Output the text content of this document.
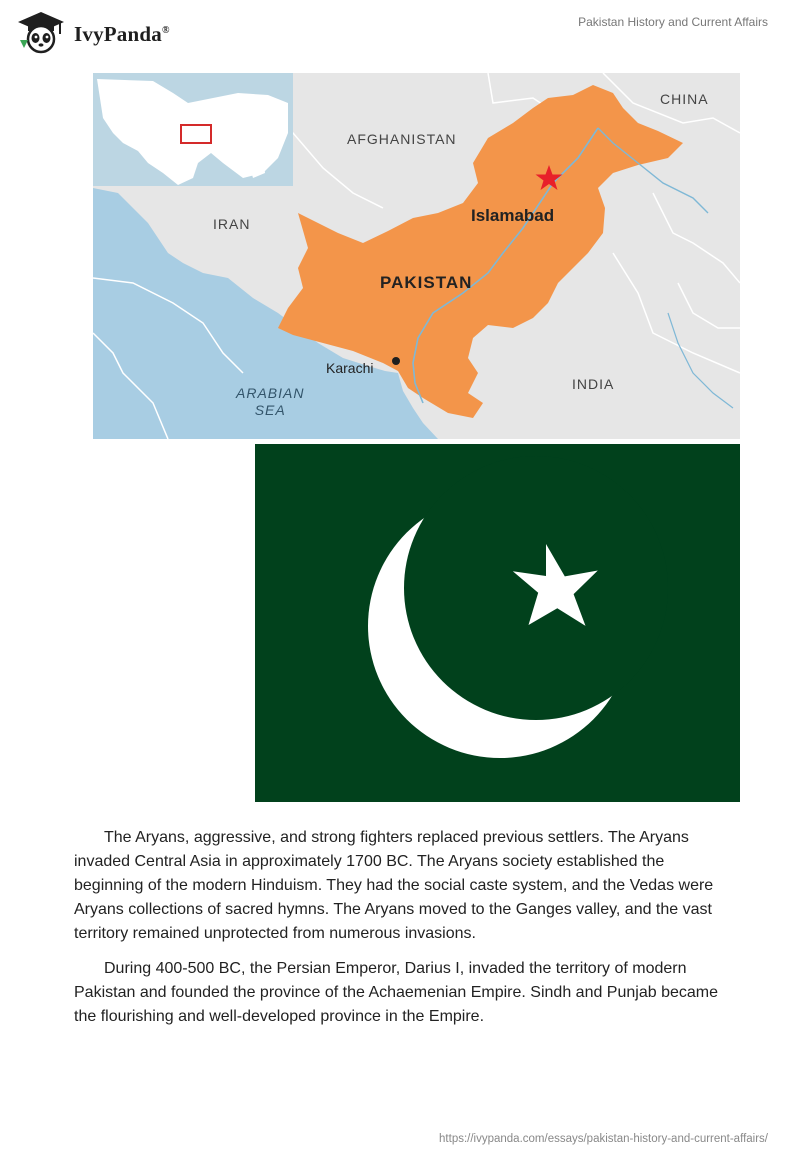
IvyPanda®
Pakistan History and Current Affairs
CHINA
AFGHANISTAN
IRAN	Islamabad
PAKISTAN
Karachi
INDIA
ARABIAN
SEA

The Aryans, aggressive, and strong fighters replaced previous settlers. The Aryans invaded Central Asia in approximately 1700 BC. The Aryans society established the beginning of the modern Hinduism. They had the social caste system, and the Vedas were Aryans collections of sacred hymns. The Aryans moved to the Ganges valley, and the vast territory remained unprotected from numerous invasions.

During 400-500 BC, the Persian Emperor, Darius I, invaded the territory of modern Pakistan and founded the province of the Achaemenian Empire. Sindh and Punjab became the flourishing and well-developed province in the Empire.

https://ivypanda.com/essays/pakistan-history-and-current-affairs/
